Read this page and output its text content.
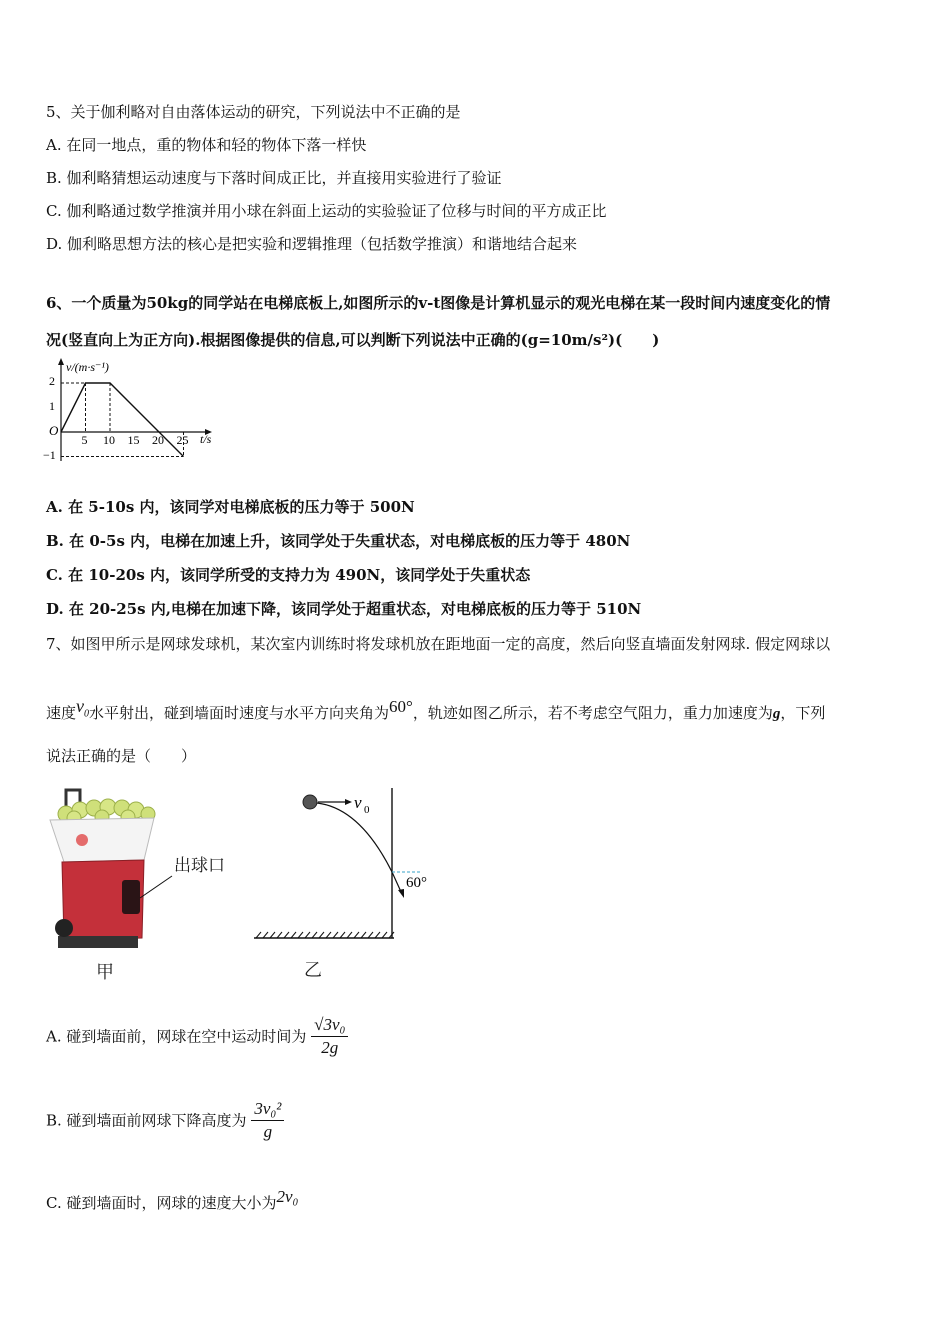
5、关于伽利略对自由落体运动的研究，下列说法中不正确的是
A. 在同一地点，重的物体和轻的物体下落一样快
B. 伽利略猜想运动速度与下落时间成正比，并直接用实验进行了验证
C. 伽利略通过数学推演并用小球在斜面上运动的实验验证了位移与时间的平方成正比
D. 伽利略思想方法的核心是把实验和逻辑推理（包括数学推演）和谐地结合起来
6、一个质量为50kg的同学站在电梯底板上,如图所示的v-t图像是计算机显示的观光电梯在某一段时间内速度变化的情
况(竖直向上为正方向).根据图像提供的信息,可以判断下列说法中正确的(g=10m/s²)(　　)
v/(m·s⁻¹)
t/s
O
2
1
−1
5 10 15 20 25
A. 在 5-10s 内，该同学对电梯底板的压力等于 500N
B. 在 0-5s 内，电梯在加速上升，该同学处于失重状态，对电梯底板的压力等于 480N
C. 在 10-20s 内，该同学所受的支持力为 490N，该同学处于失重状态
D. 在 20-25s 内,电梯在加速下降，该同学处于超重状态，对电梯底板的压力等于 510N
7、如图甲所示是网球发球机，某次室内训练时将发球机放在距地面一定的高度，然后向竖直墙面发射网球. 假定网球以
速度$v_0$水平射出，碰到墙面时速度与水平方向夹角为60°，轨迹如图乙所示，若不考虑空气阻力，重力加速度为g，下列
说法正确的是（　　）
出球口
甲
v 0
60°
乙
A. 碰到墙面前，网球在空中运动时间为 $\frac{\text{√3v₀}}{2g}$
B. 碰到墙面前网球下降高度为 $\frac{\text{3v₀²}}{g}$
C. 碰到墙面时，网球的速度大小为2v₀
